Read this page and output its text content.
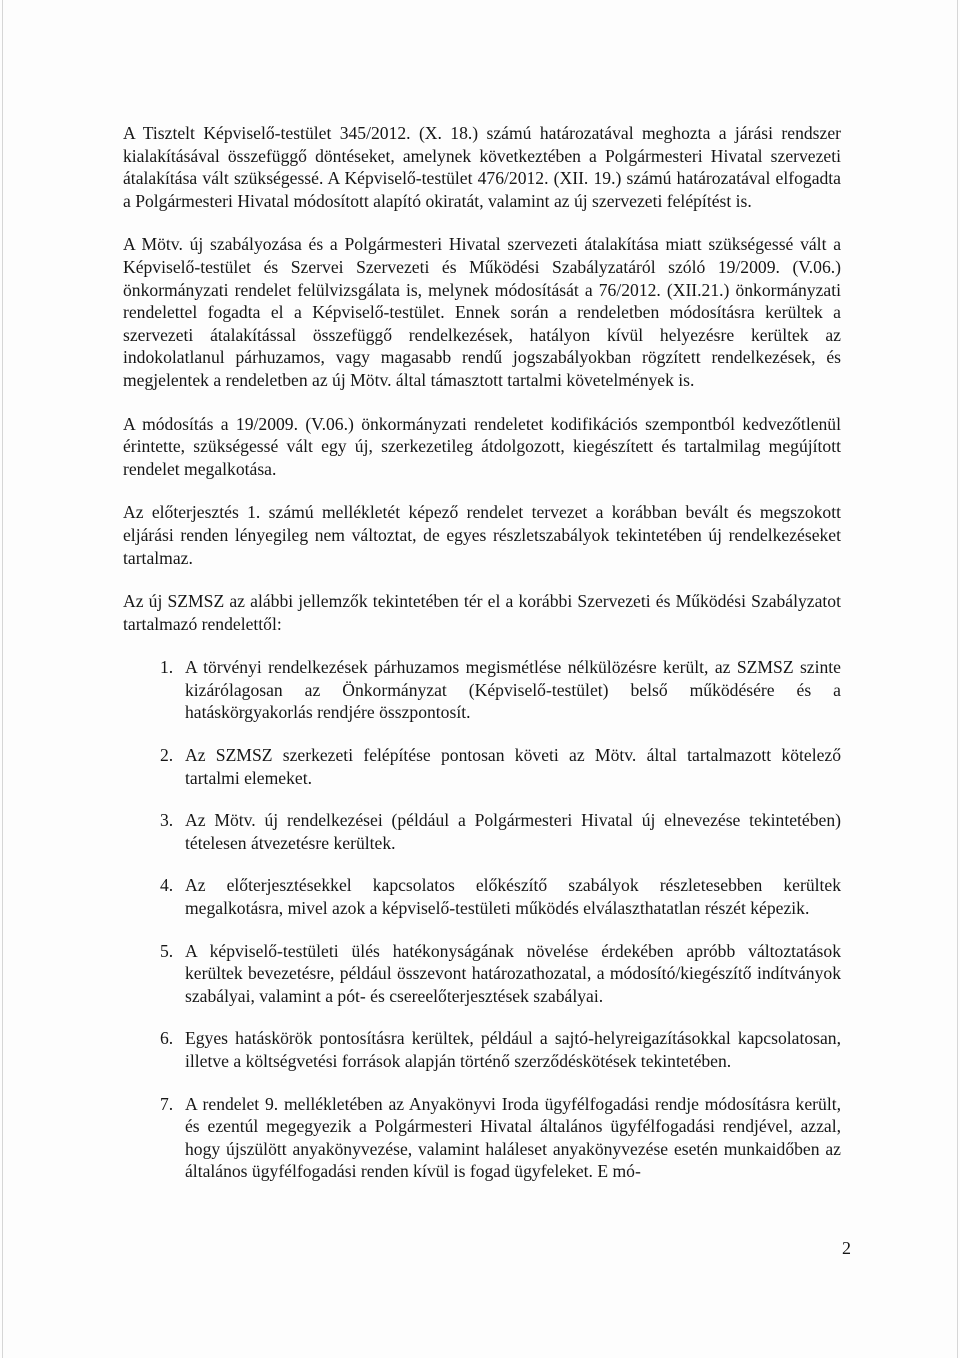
A Tisztelt Képviselő-testület 345/2012. (X. 18.) számú határozatával meghozta a járási rendszer kialakításával összefüggő döntéseket, amelynek következtében a Polgármesteri Hivatal szervezeti átalakítása vált szükségessé. A Képviselő-testület 476/2012. (XII. 19.) számú határozatával elfogadta a Polgármesteri Hivatal módosított alapító okiratát, valamint az új szervezeti felépítést is.

A Mötv. új szabályozása és a Polgármesteri Hivatal szervezeti átalakítása miatt szükségessé vált a Képviselő-testület és Szervei Szervezeti és Működési Szabályzatáról szóló 19/2009. (V.06.) önkormányzati rendelet felülvizsgálata is, melynek módosítását a 76/2012. (XII.21.) önkormányzati rendelettel fogadta el a Képviselő-testület. Ennek során a rendeletben módosításra kerültek a szervezeti átalakítással összefüggő rendelkezések, hatályon kívül helyezésre kerültek az indokolatlanul párhuzamos, vagy magasabb rendű jogszabályokban rögzített rendelkezések, és megjelentek a rendeletben az új Mötv. által támasztott tartalmi követelmények is.

A módosítás a 19/2009. (V.06.) önkormányzati rendeletet kodifikációs szempontból kedvezőtlenül érintette, szükségessé vált egy új, szerkezetileg átdolgozott, kiegészített és tartalmilag megújított rendelet megalkotása.

Az előterjesztés 1. számú mellékletét képező rendelet tervezet a korábban bevált és megszokott eljárási renden lényegileg nem változtat, de egyes részletszabályok tekintetében új rendelkezéseket tartalmaz.

Az új SZMSZ az alábbi jellemzők tekintetében tér el a korábbi Szervezeti és Működési Szabályzatot tartalmazó rendelettől:

1. A törvényi rendelkezések párhuzamos megismétlése nélkülözésre került, az SZMSZ szinte kizárólagosan az Önkormányzat (Képviselő-testület) belső működésére és a hatáskörgyakorlás rendjére összpontosít.
2. Az SZMSZ szerkezeti felépítése pontosan követi az Mötv. által tartalmazott kötelező tartalmi elemeket.
3. Az Mötv. új rendelkezései (például a Polgármesteri Hivatal új elnevezése tekintetében) tételesen átvezetésre kerültek.
4. Az előterjesztésekkel kapcsolatos előkészítő szabályok részletesebben kerültek megalkotásra, mivel azok a képviselő-testületi működés elválaszthatatlan részét képezik.
5. A képviselő-testületi ülés hatékonyságának növelése érdekében apróbb változtatások kerültek bevezetésre, például összevont határozathozatal, a módosító/kiegészítő indítványok szabályai, valamint a pót- és csereelőterjesztések szabályai.
6. Egyes hatáskörök pontosításra kerültek, például a sajtó-helyreigazításokkal kapcsolatosan, illetve a költségvetési források alapján történő szerződéskötések tekintetében.
7. A rendelet 9. mellékletében az Anyakönyvi Iroda ügyfélfogadási rendje módosításra került, és ezentúl megegyezik a Polgármesteri Hivatal általános ügyfélfogadási rendjével, azzal, hogy újszülött anyakönyvezése, valamint haláleset anyakönyvezése esetén munkaidőben az általános ügyfélfogadási renden kívül is fogad ügyfeleket. E mó-
2
